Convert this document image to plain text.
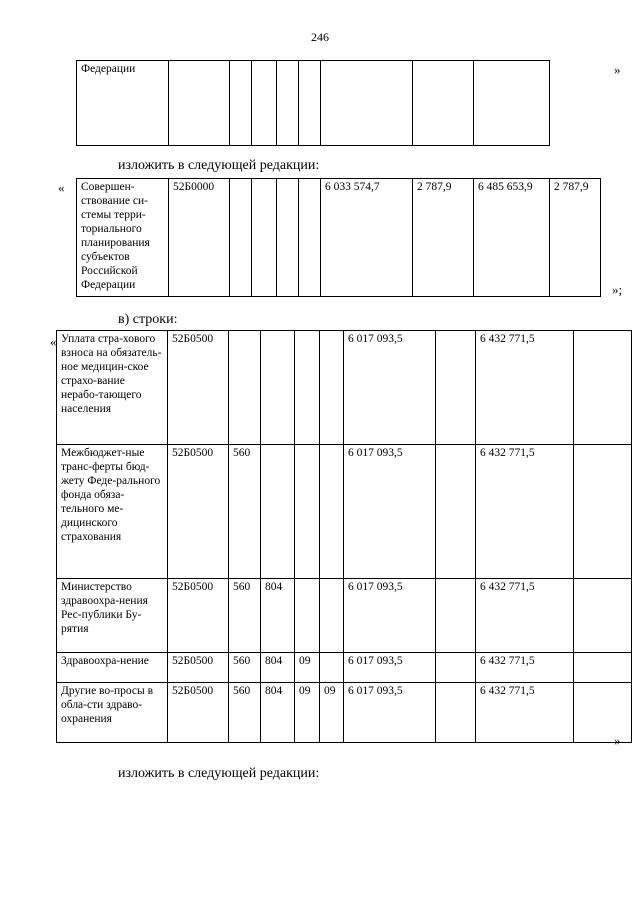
246
Федерации									»
изложить в следующей редакции:
« Совершен-ствование си-стемы терри-ториального планирования субъектов Российской Федерации	52Б0000					6 033 574,7	2 787,9	6 485 653,9	2 787,9
»;
в) строки:
« Уплата стра-хового взноса на обязатель-ное медицин-ское страхо-вание нерабо-тающего населения	52Б0500					6 017 093,5		6 432 771,5	
Межбюджет-ные транс-ферты бюд-жету Феде-рального фонда обяза-тельного ме-дицинского страхования	52Б0500	560				6 017 093,5		6 432 771,5	
Министерство здравоохра-нения Рес-публики Бу-рятия	52Б0500	560	804			6 017 093,5		6 432 771,5	
Здравоохра-нение	52Б0500	560	804	09		6 017 093,5		6 432 771,5	
Другие во-просы в обла-сти здраво-охранения	52Б0500	560	804	09	09	6 017 093,5		6 432 771,5	
»
изложить в следующей редакции:
